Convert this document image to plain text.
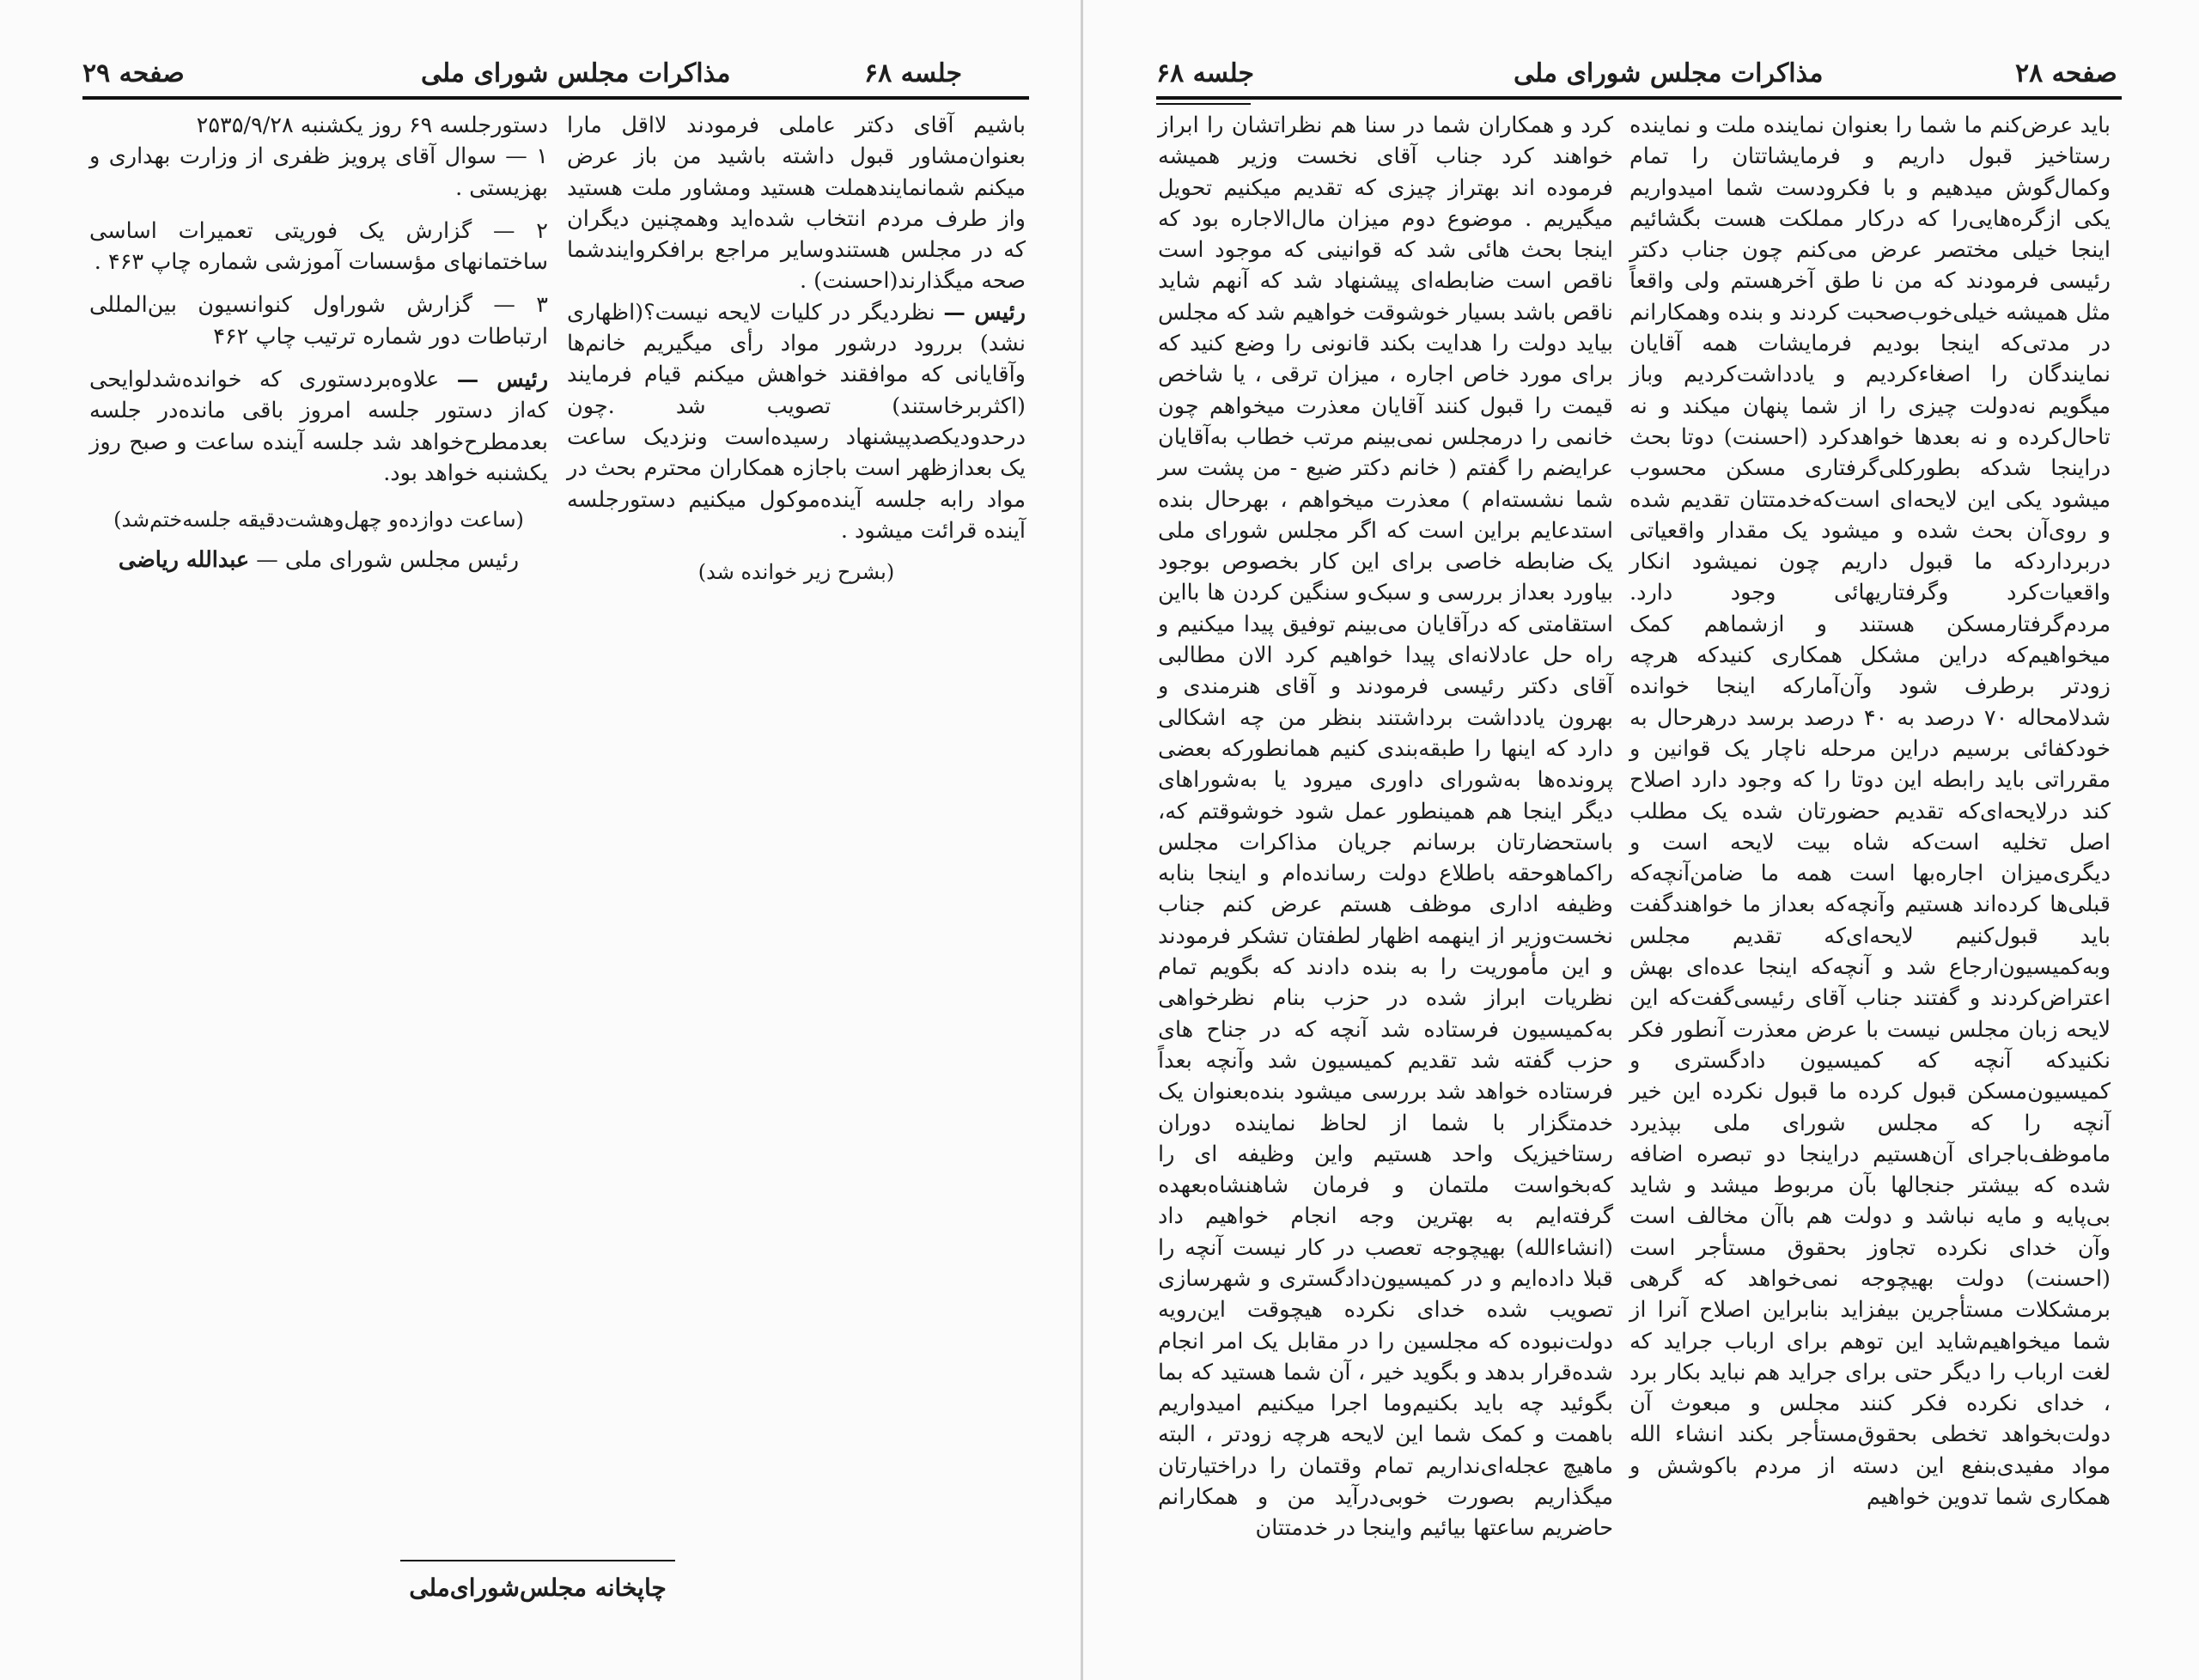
صفحه ۲۹	مذاکرات مجلس شورای ملی	جلسه ۶۸

باشیم آقای دکتر عاملی فرمودند لااقل مارا بعنوان‌مشاور قبول داشته باشید من باز عرض میکنم شمانمایندهملت هستید ومشاور ملت هستید واز طرف مردم انتخاب شده‌اید وهمچنین دیگران که در مجلس هستندوسایر مراجع برافکروایندشما صحه میگذارند(احسنت) .

رئیس — نظردیگر در کلیات لایحه نیست؟(اظهاری نشد) بررود درشور مواد رأی میگیریم خانم‌ها وآقایانی که موافقند خواهش میکنم قیام فرمایند (اکثربرخاستند) تصویب شد .چون درحدودیکصدپیشنهاد رسیده‌است ونزدیک ساعت یک بعدازظهر است باجازه همکاران محترم بحث در مواد رابه جلسه آینده‌موکول میکنیم دستورجلسه آینده قرائت میشود .

(بشرح زیر خوانده شد)

دستورجلسه ۶۹ روز یکشنبه ۲۵۳۵/۹/۲۸

۱ — سوال آقای پرویز ظفری از وزارت بهداری و بهزیستی .

۲ — گزارش یک فوریتی تعمیرات اساسی ساختمانهای مؤسسات آموزشی شماره چاپ ۴۶۳ .

۳ — گزارش شوراول کنوانسیون بین‌المللی ارتباطات دور شماره ترتیب چاپ ۴۶۲

رئیس — علاوه‌بردستوری که خوانده‌شدلوایحی که‌از دستور جلسه امروز باقی مانده‌در جلسه بعدمطرح‌خواهد شد جلسه آینده ساعت و صبح روز یکشنبه خواهد بود.

(ساعت دوازده‌و چهل‌وهشت‌دقیقه جلسه‌ختم‌شد)

رئیس مجلس شورای ملی — عبدالله ریاضی

چاپخانه مجلس‌شورای‌ملی
صفحه ۲۸
مذاکرات مجلس شورای ملی
جلسه ۶۸

باید عرض‌کنم ما شما را بعنوان نماینده ملت و نماینده رستاخیز قبول داریم و فرمایشاتتان را تمام وکمال‌گوش میدهیم و با فکرودست شما امیدواریم یکی ازگره‌هایی‌را که درکار مملکت هست بگشائیم اینجا خیلی مختصر عرض می‌کنم چون جناب دکتر رئیسی فرمودند که من نا طق آخرهستم ولی واقعاً مثل همیشه خیلی‌خوب‌صحبت کردند و بنده وهمکارانم در مدتی‌که اینجا بودیم فرمایشات همه آقایان نمایندگان را اصغاءکردیم و یادداشت‌کردیم وباز میگویم نه‌دولت چیزی را از شما پنهان میکند و نه تاحال‌کرده و نه بعدها خواهدکرد (احسنت) دوتا بحث دراینجا شدکه بطورکلی‌گرفتاری مسکن محسوب میشود یکی این لایحه‌ای است‌که‌خدمتتان تقدیم شده و روی‌آن بحث شده و میشود یک مقدار واقعیاتی دربرداردکه ما قبول داریم چون نمیشود انکار واقعیات‌کرد وگرفتاریهائی وجود دارد. مردم‌گرفتارمسکن هستند و ازشماهم کمک میخواهیم‌که دراین مشکل همکاری کنیدکه هرچه زودتر برطرف شود وآن‌آمارکه اینجا خوانده شدلامحاله ۷۰ درصد به ۴۰ درصد برسد درهرحال به خودکفائی برسیم دراین مرحله ناچار یک قوانین و مقرراتی باید رابطه این دوتا را که وجود دارد اصلاح کند درلایحه‌ای‌که تقدیم حضورتان شده یک مطلب اصل تخلیه است‌که شاه بیت لایحه است و دیگری‌میزان اجاره‌بها است همه ما ضامن‌آنچه‌که قبلی‌ها کرده‌اند هستیم وآنچه‌که بعداز ما خواهندگفت باید قبول‌کنیم لایحه‌ای‌که تقدیم مجلس وبه‌کمیسیون‌ارجاع شد و آنچه‌که اینجا عده‌ای بهش اعتراض‌کردند و گفتند جناب آقای رئیسی‌گفت‌که این لایحه زبان مجلس نیست با عرض معذرت آنطور فکر نکنیدکه آنچه که کمیسیون دادگستری و کمیسیون‌مسکن قبول کرده ما قبول نکرده این خیر آنچه را که مجلس شورای ملی بپذیرد ماموظف‌باجرای آن‌هستیم دراینجا دو تبصره اضافه شده که بیشتر جنجالها بآن مربوط میشد و شاید بی‌پایه و مایه نباشد و دولت هم باآن مخالف است وآن خدای نکرده تجاوز بحقوق مستأجر است (احسنت) دولت بهیچوجه نمی‌خواهد که گرهی برمشکلات مستأجرین بیفزاید بنابراین اصلاح آنرا از شما میخواهیم‌شاید این توهم برای ارباب جراید که لغت ارباب را دیگر حتی برای جراید هم نباید بکار برد ، خدای نکرده فکر کنند مجلس و مبعوث آن دولت‌بخواهد تخطی بحقوق‌مستأجر بکند انشاء الله مواد مفیدی‌بنفع این دسته از مردم باکوشش و همکاری شما تدوین خواهیم

کرد و همکاران شما در سنا هم نظراتشان را ابراز خواهند کرد جناب آقای نخست وزیر همیشه فرموده اند بهتراز چیزی که تقدیم میکنیم تحویل میگیریم . موضوع دوم میزان مال‌الاجاره بود که اینجا بحث هائی شد که قوانینی که موجود است ناقص است ضابطه‌ای پیشنهاد شد که آنهم شاید ناقص باشد بسیار خوشوقت خواهیم شد که مجلس بیاید دولت را هدایت بکند قانونی را وضع کنید که برای مورد خاص اجاره ، میزان ترقی ، یا شاخص قیمت را قبول کنند آقایان معذرت میخواهم چون خانمی را درمجلس نمی‌بینم مرتب خطاب به‌آقایان عرایضم را گفتم ( خانم دکتر ضیع - من پشت سر شما نشسته‌ام ) معذرت میخواهم ، بهرحال بنده استدعایم براین است که اگر مجلس شورای ملی یک ضابطه خاصی برای این کار بخصوص بوجود بیاورد بعداز بررسی و سبک‌و سنگین کردن ها بااین استقامتی که درآقایان می‌بینم توفیق پیدا میکنیم و راه حل عادلانه‌ای پیدا خواهیم کرد الان مطالبی آقای دکتر رئیسی فرمودند و آقای هنرمندی و بهرون یادداشت برداشتند بنظر من چه اشکالی دارد که اینها را طبقه‌بندی کنیم همانطورکه بعضی پرونده‌ها به‌شورای داوری میرود یا به‌شوراهای دیگر اینجا هم همینطور عمل شود خوشوقتم که، باستحضارتان برسانم جریان مذاکرات مجلس راکماهوحقه باطلاع دولت رسانده‌ام و اینجا بنابه وظیفه اداری موظف هستم عرض کنم جناب نخست‌وزیر از اینهمه اظهار لطفتان تشکر فرمودند و این مأموریت را به بنده دادند که بگویم تمام نظریات ابراز شده در حزب بنام نظرخواهی به‌کمیسیون فرستاده شد آنچه که در جناح های حزب گفته شد تقدیم کمیسیون شد وآنچه بعداً فرستاده خواهد شد بررسی میشود بنده‌بعنوان یک خدمتگزار با شما از لحاظ نماینده دوران رستاخیزیک واحد هستیم واین وظیفه ای را که‌بخواست ملتمان و فرمان شاهنشاه‌بعهده گرفته‌ایم به بهترین وجه انجام خواهیم داد (انشاءالله) بهیچوجه تعصب در کار نیست آنچه را قبلا داده‌ایم و در کمیسیون‌دادگستری و شهرسازی تصویب شده خدای نکرده هیچوقت این‌رویه دولت‌نبوده که مجلسین را در مقابل یک امر انجام شده‌قرار بدهد و بگوید خیر ، آن شما هستید که بما بگوئید چه باید بکنیم‌وما اجرا میکنیم امیدواریم باهمت و کمک شما این لایحه هرچه زودتر ، البته ماهیچ عجله‌ای‌نداریم تمام وقتمان را دراختیارتان میگذاریم بصورت خوبی‌درآید من و همکارانم حاضریم ساعتها بیائیم واینجا در خدمتتان
